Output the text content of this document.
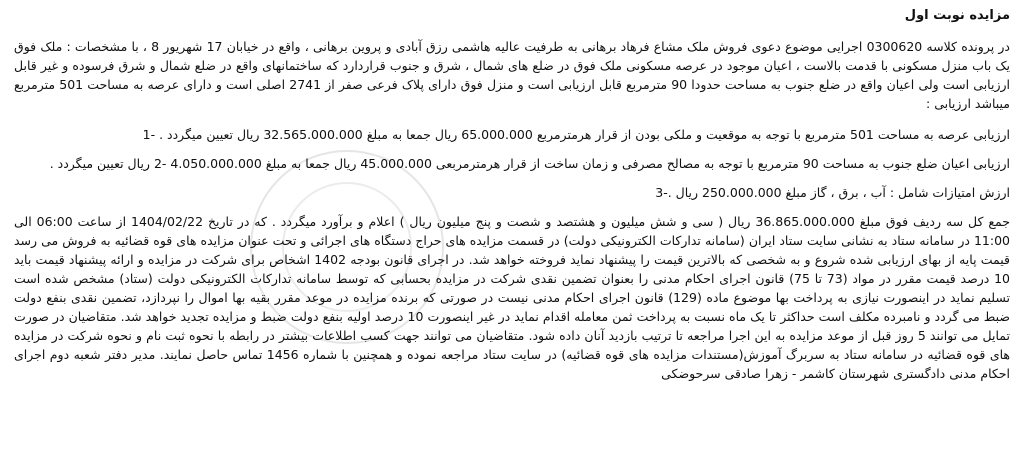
مزایده نوبت اول

در پرونده کلاسه 0300620 اجرایی موضوع دعوی فروش ملک مشاع فرهاد برهانی به طرفیت عالیه هاشمی رزق آبادی و پروین برهانی ، واقع در خیابان 17 شهریور 8 ، با مشخصات : ملک فوق یک باب منزل مسکونی با قدمت بالاست ، اعیان موجود در عرصه مسکونی ملک فوق در ضلع های شمال ، شرق و جنوب قراردارد که ساختمانهای واقع در ضلع شمال و شرق فرسوده و غیر قابل ارزیابی است ولی اعیان واقع در ضلع جنوب به مساحت حدودا 90 مترمربع قابل ارزیابی است و منزل فوق دارای پلاک فرعی صفر از 2741 اصلی است و دارای عرصه به مساحت 501 مترمربع میباشد ارزیابی :

ارزیابی عرصه به مساحت 501 مترمربع با توجه به موقعیت و ملکی بودن از قرار هرمترمربع 65.000.000 ریال جمعا به مبلغ 32.565.000.000 ریال تعیین میگردد . -1

ارزیابی اعیان ضلع جنوب به مساحت 90 مترمربع با توجه به مصالح مصرفی و زمان ساخت از قرار هرمترمربعی 45.000.000 ریال جمعا به مبلغ 4.050.000.000 -2 ریال تعیین میگردد .

ارزش امتیازات شامل : آب ، برق ، گاز مبلغ 250.000.000 ریال .-3

جمع کل سه ردیف فوق مبلغ 36.865.000.000 ریال ( سی و شش میلیون و هشتصد و شصت و پنج میلیون ریال ) اعلام و برآورد میگردد . که در تاریخ 1404/02/22 از ساعت 06:00 الی 11:00 در سامانه ستاد به نشانی سایت ستاد ایران (سامانه تدارکات الکترونیکی دولت) در قسمت مزایده های حراج دستگاه های اجرائی و تحت عنوان مزایده های قوه قضائیه به فروش می رسد قیمت پایه از بهای ارزیابی شده شروع و به شخصی که بالاترین قیمت را پیشنهاد نماید فروخته خواهد شد. در اجرای قانون بودجه 1402 اشخاص برای شرکت در مزایده و ارائه پیشنهاد قیمت باید 10 درصد قیمت مقرر در مواد (73 تا 75) قانون اجرای احکام مدنی را بعنوان تضمین نقدی شرکت در مزایده بحسابی که توسط سامانه تدارکات الکترونیکی دولت (ستاد) مشخص شده است تسلیم نماید در اینصورت نیازی به پرداخت بها موضوع ماده (129) قانون اجرای احکام مدنی نیست در صورتی که برنده مزایده در موعد مقرر بقیه بها اموال را نپردازد، تضمین نقدی بنفع دولت ضبط می گردد و نامبرده مکلف است حداکثر تا یک ماه نسبت به پرداخت ثمن معامله اقدام نماید در غیر اینصورت 10 درصد اولیه بنفع دولت ضبط و مزایده تجدید خواهد شد. متقاضیان در صورت تمایل می توانند 5 روز قبل از موعد مزایده به این اجرا مراجعه تا ترتیب بازدید آنان داده شود. متقاضیان می توانند جهت کسب اطلاعات بیشتر در رابطه با نحوه ثبت نام و نحوه شرکت در مزایده های قوه قضائیه در سامانه ستاد به سربرگ آموزش(مستندات مزایده های قوه قضائیه) در سایت ستاد مراجعه نموده و همچنین با شماره 1456 تماس حاصل نمایند. مدیر دفتر شعبه دوم اجرای احکام مدنی دادگستری شهرستان کاشمر - زهرا صادقی سرحوضکی
